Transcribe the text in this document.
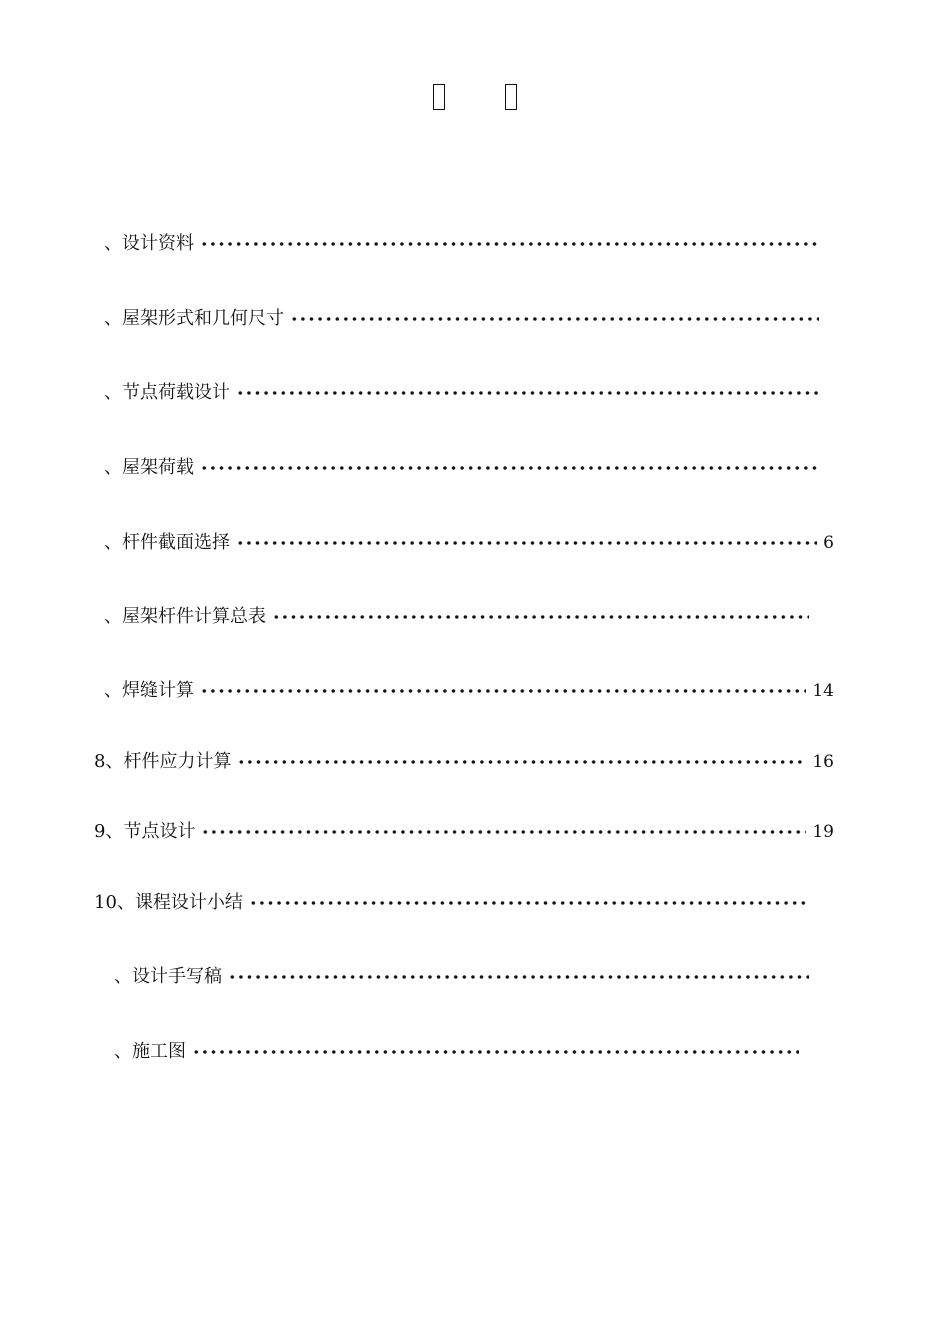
、设计资料
、屋架形式和几何尺寸
、节点荷载设计
、屋架荷载
、杆件截面选择	6
、屋架杆件计算总表
、焊缝计算	14
8、杆件应力计算	16
9、节点设计	19
10、课程设计小结
、设计手写稿
、施工图
